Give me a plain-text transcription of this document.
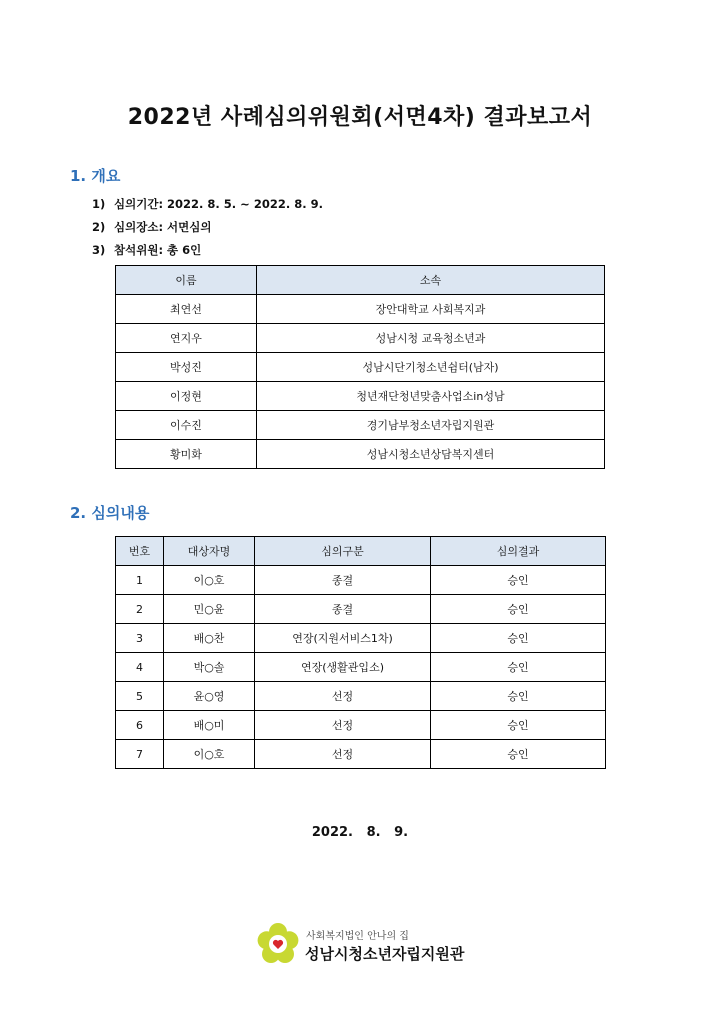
2022년 사례심의위원회(서면4차) 결과보고서
1. 개요
1) 심의기간: 2022. 8. 5. ~ 2022. 8. 9.
2) 심의장소: 서면심의
3) 참석위원: 총 6인
이름	소속
최연선	장안대학교 사회복지과
연지우	성남시청 교육청소년과
박성진	성남시단기청소년쉼터(남자)
이정현	청년재단청년맞춤사업소in성남
이수진	경기남부청소년자립지원관
황미화	성남시청소년상담복지센터
2. 심의내용
번호	대상자명	심의구분	심의결과
1	이○호	종결	승인
2	민○윤	종결	승인
3	배○찬	연장(지원서비스1차)	승인
4	박○솔	연장(생활관입소)	승인
5	윤○영	선정	승인
6	배○미	선정	승인
7	이○호	선정	승인
2022.   8.   9.
사회복지법인 안나의 집
성남시청소년자립지원관
